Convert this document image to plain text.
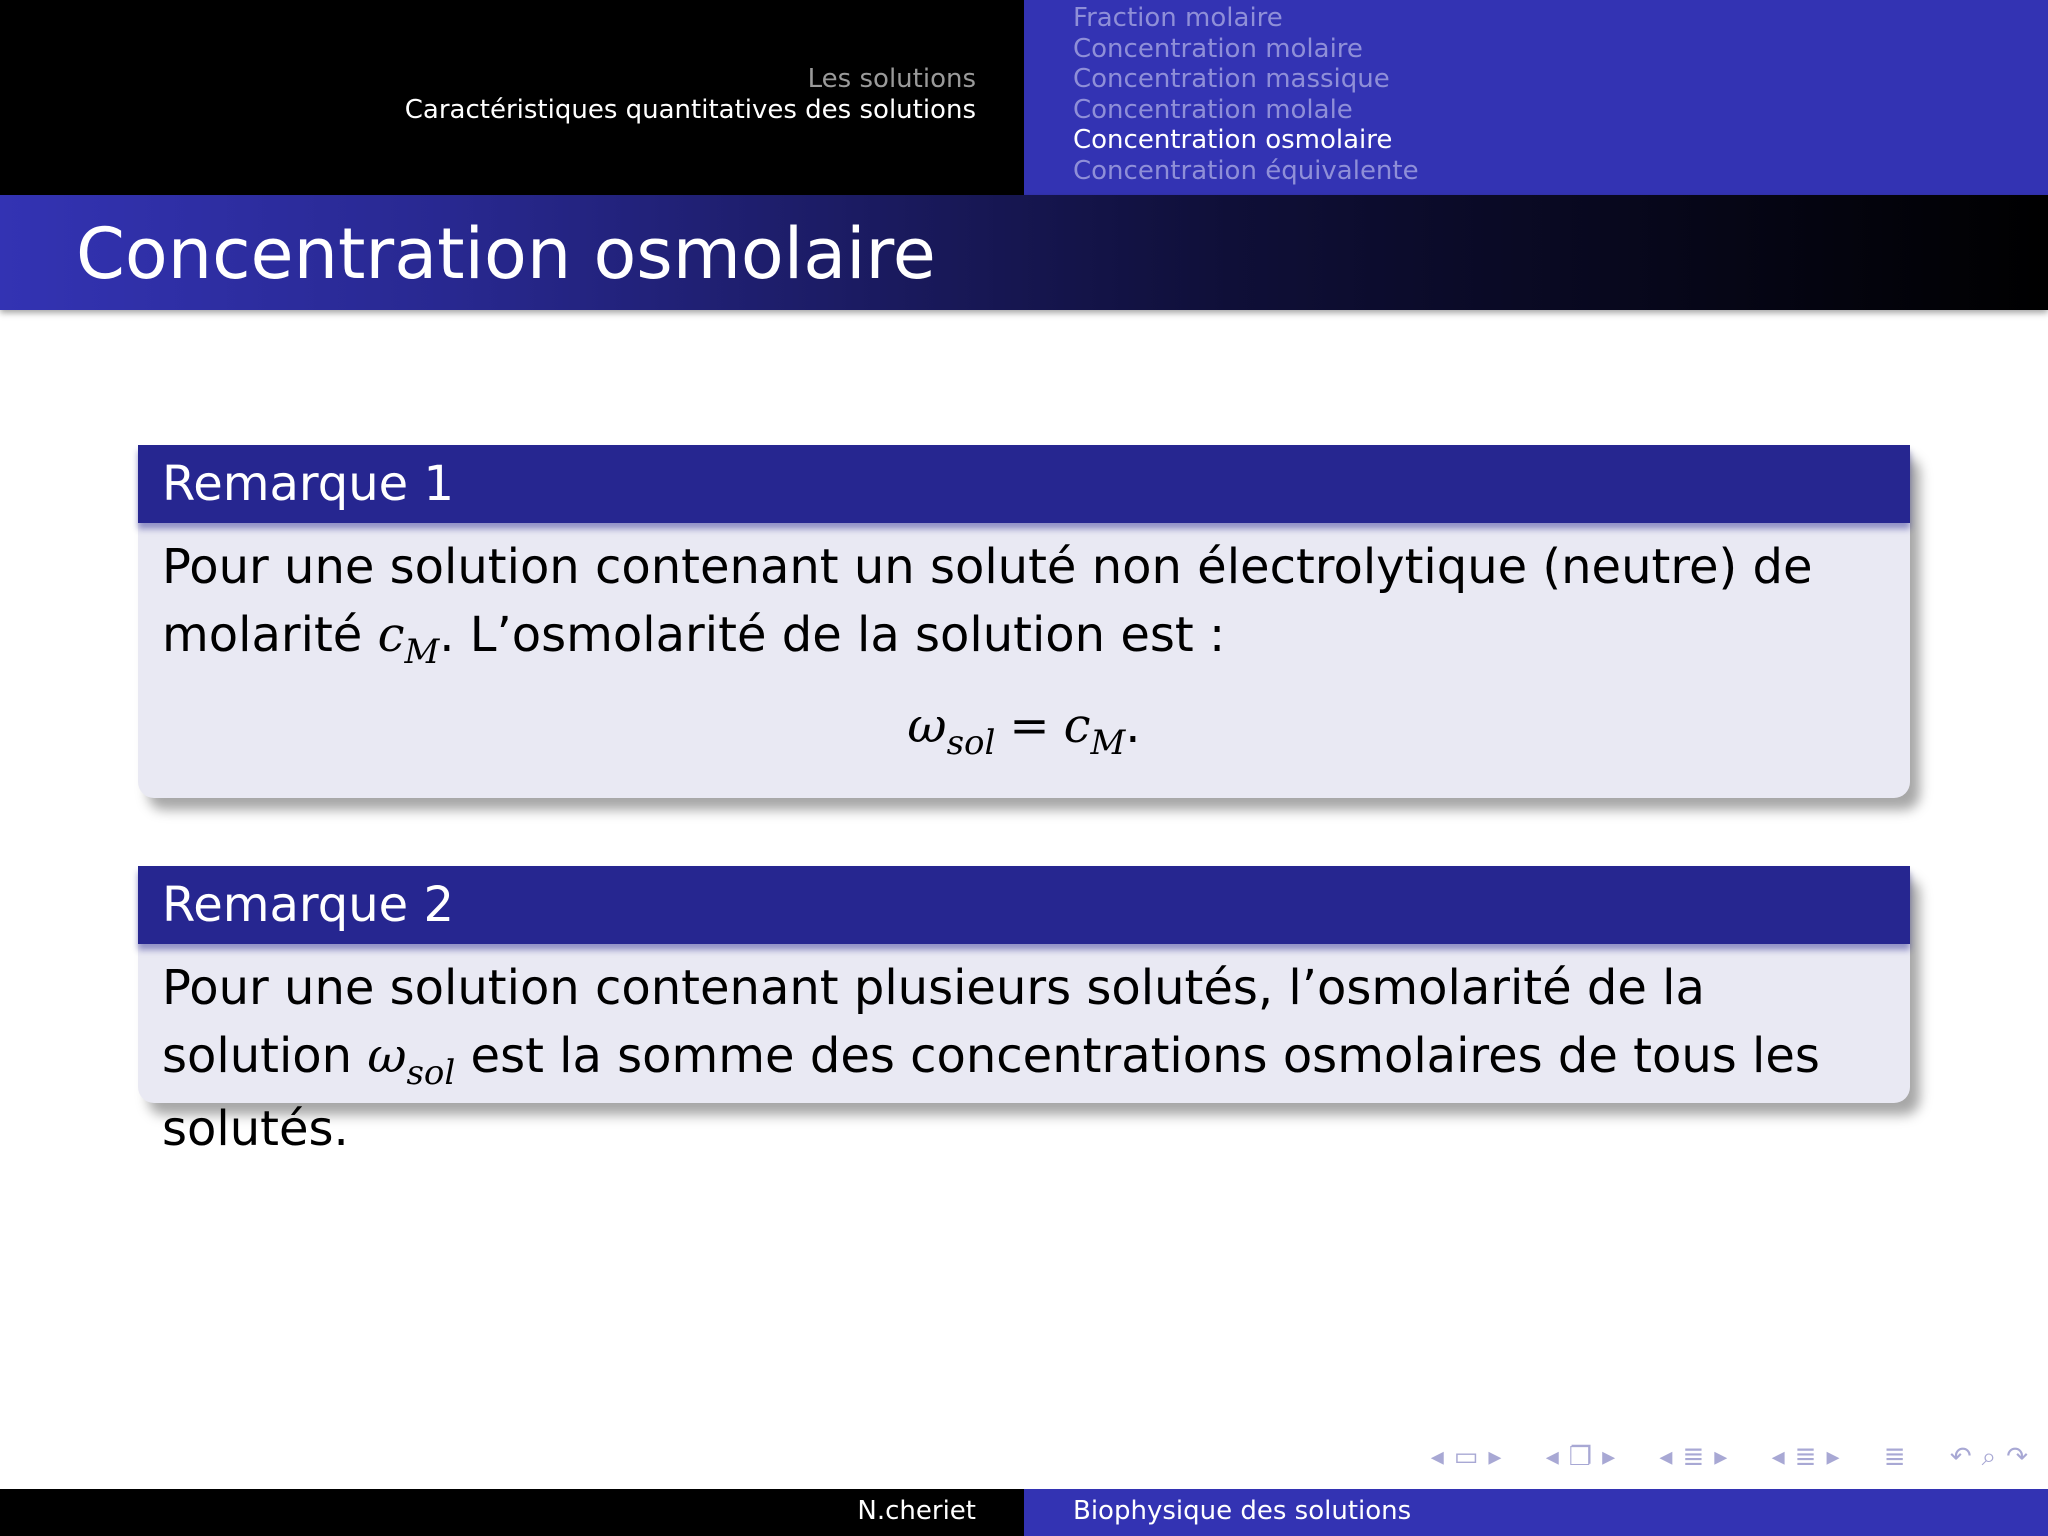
Les solutions
Caractéristiques quantitatives des solutions
Fraction molaire
Concentration molaire
Concentration massique
Concentration molale
Concentration osmolaire
Concentration équivalente
Concentration osmolaire
Remarque 1
Pour une solution contenant un soluté non électrolytique (neutre) de molarité $c_M$. L’osmolarité de la solution est :
$\omega_{sol} = c_M$.
Remarque 2
Pour une solution contenant plusieurs solutés, l’osmolarité de la solution $\omega_{sol}$ est la somme des concentrations osmolaires de tous les solutés.
◂ ▭ ▸ ◂ ❐ ▸ ◂ ≣ ▸ ◂ ≣ ▸ ≣ ↶ ⌕ ↷
N.cheriet	Biophysique des solutions
